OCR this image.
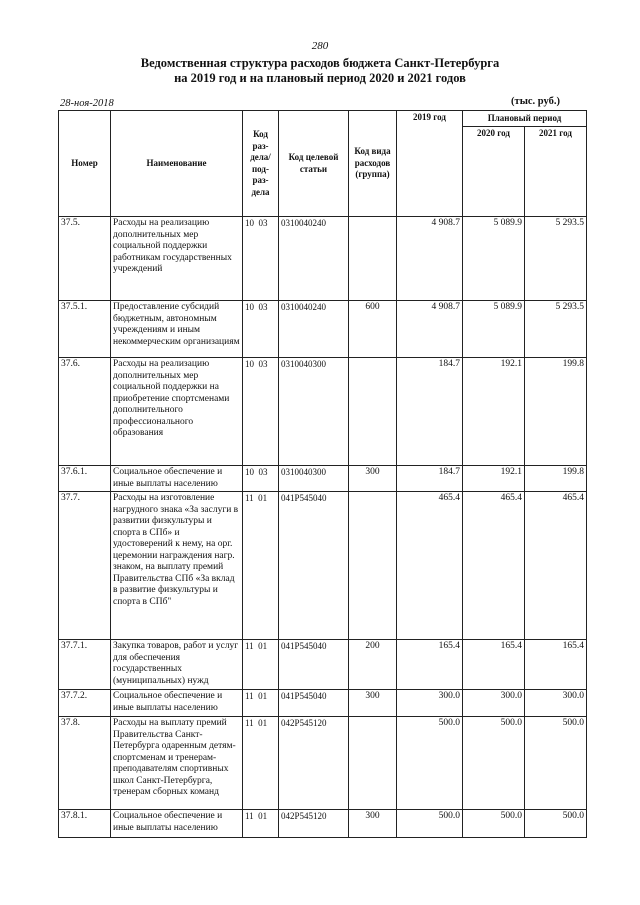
280
Ведомственная структура расходов бюджета Санкт-Петербурга
на 2019 год и на плановый период 2020 и 2021 годов
28-ноя-2018	(тыс. руб.)
Номер	Наименование	Код раз-дела/ под-раз-дела	Код целевой статьи	Код вида расходов (группа)	2019 год	Плановый период	
						2020 год	2021 год
37.5.	Расходы на реализацию дополнительных мер социальной поддержки работникам государственных учреждений	10 03	0310040240		4 908.7	5 089.9	5 293.5
37.5.1.	Предоставление субсидий бюджетным, автономным учреждениям и иным некоммерческим организациям	10 03	0310040240	600	4 908.7	5 089.9	5 293.5
37.6.	Расходы на реализацию дополнительных мер социальной поддержки на приобретение спортсменами дополнительного профессионального образования	10 03	0310040300		184.7	192.1	199.8
37.6.1.	Социальное обеспечение и иные выплаты населению	10 03	0310040300	300	184.7	192.1	199.8
37.7.	Расходы на изготовление нагрудного знака «За заслуги в развитии физкультуры и спорта в СПб» и удостоверений к нему, на орг. церемонии награждения нагр. знаком, на выплату премий Правительства СПб «За вклад в развитие физкультуры и спорта в СПб"	11 01	041P545040		465.4	465.4	465.4
37.7.1.	Закупка товаров, работ и услуг для обеспечения государственных (муниципальных) нужд	11 01	041P545040	200	165.4	165.4	165.4
37.7.2.	Социальное обеспечение и иные выплаты населению	11 01	041P545040	300	300.0	300.0	300.0
37.8.	Расходы на выплату премий Правительства Санкт-Петербурга одаренным детям-спортсменам и тренерам-преподавателям спортивных школ Санкт-Петербурга, тренерам сборных команд	11 01	042P545120		500.0	500.0	500.0
37.8.1.	Социальное обеспечение и иные выплаты населению	11 01	042P545120	300	500.0	500.0	500.0
